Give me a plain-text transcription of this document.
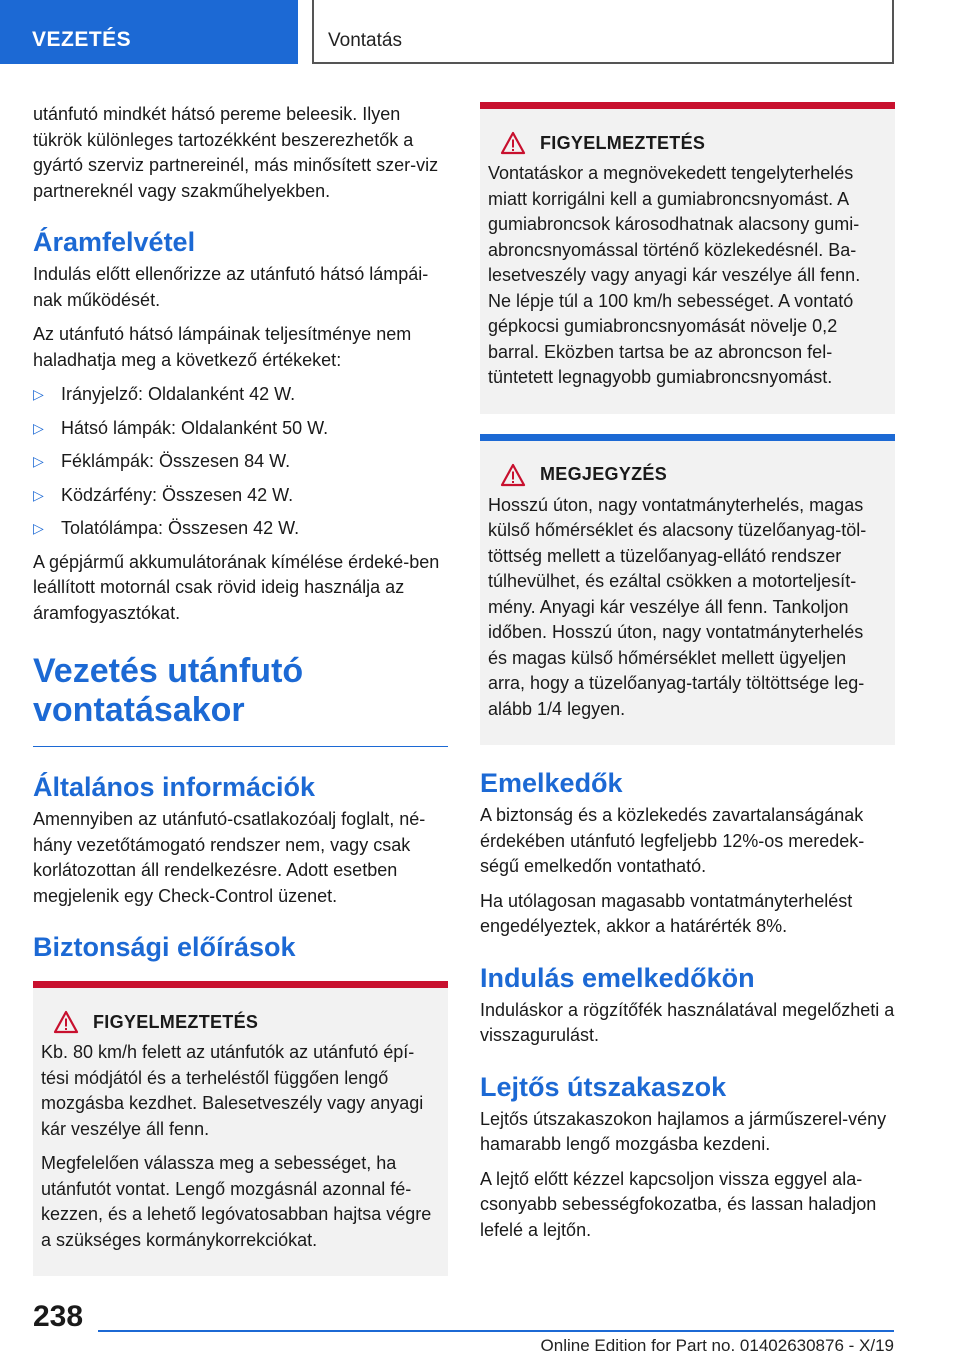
VEZETÉS	Vontatás

utánfutó mindkét hátsó pereme beleesik. Ilyen tükrök különleges tartozékként beszerezhetők a gyártó szerviz partnereinél, más minősített szer-viz partnereknél vagy szakműhelyekben.

Áramfelvétel

Indulás előtt ellenőrizze az utánfutó hátsó lámpái-nak működését.

Az utánfutó hátsó lámpáinak teljesítménye nem haladhatja meg a következő értékeket:

▷ Irányjelző: Oldalanként 42 W.
▷ Hátsó lámpák: Oldalanként 50 W.
▷ Féklámpák: Összesen 84 W.
▷ Ködzárfény: Összesen 42 W.
▷ Tolatólámpa: Összesen 42 W.

A gépjármű akkumulátorának kímélése érdeké-ben leállított motornál csak rövid ideig használja az áramfogyasztókat.

Vezetés utánfutó vontatásakor
Általános információk

Amennyiben az utánfutó-csatlakozóalj foglalt, né-hány vezetőtámogató rendszer nem, vagy csak korlátozottan áll rendelkezésre. Adott esetben megjelenik egy Check-Control üzenet.

Biztonsági előírások
FIGYELMEZTETÉS

Kb. 80 km/h felett az utánfutók az utánfutó épí-tési módjától és a terheléstől függően lengő mozgásba kezdhet. Balesetveszély vagy anyagi kár veszélye áll fenn.

Megfelelően válassza meg a sebességet, ha utánfutót vontat. Lengő mozgásnál azonnal fé-kezzen, és a lehető legóvatosabban hajtsa végre a szükséges kormánykorrekciókat.

FIGYELMEZTETÉS

Vontatáskor a megnövekedett tengelyterhelés miatt korrigálni kell a gumiabroncsnyomást. A gumiabroncsok károsodhatnak alacsony gumi-abroncsnyomással történő közlekedésnél. Ba-lesetveszély vagy anyagi kár veszélye áll fenn. Ne lépje túl a 100 km/h sebességet. A vontató gépkocsi gumiabroncsnyomását növelje 0,2 barral. Eközben tartsa be az abroncson fel-tüntetett legnagyobb gumiabroncsnyomást.

MEGJEGYZÉS

Hosszú úton, nagy vontatmányterhelés, magas külső hőmérséklet és alacsony tüzelőanyag-töl-töttség mellett a tüzelőanyag-ellátó rendszer túlhevülhet, és ezáltal csökken a motorteljesít-mény. Anyagi kár veszélye áll fenn. Tankoljon időben. Hosszú úton, nagy vontatmányterhelés és magas külső hőmérséklet mellett ügyeljen arra, hogy a tüzelőanyag-tartály töltöttsége leg-alább 1/4 legyen.

Emelkedők

A biztonság és a közlekedés zavartalanságának érdekében utánfutó legfeljebb 12%-os meredek-ségű emelkedőn vontatható.

Ha utólagosan magasabb vontatmányterhelést engedélyeztek, akkor a határérték 8%.

Indulás emelkedőkön

Induláskor a rögzítőfék használatával megelőzheti a visszagurulást.

Lejtős útszakaszok

Lejtős útszakaszokon hajlamos a járműszerel-vény hamarabb lengő mozgásba kezdeni.

A lejtő előtt kézzel kapcsoljon vissza eggyel ala-csonyabb sebességfokozatba, és lassan haladjon lefelé a lejtőn.

238
Online Edition for Part no. 01402630876 - X/19
